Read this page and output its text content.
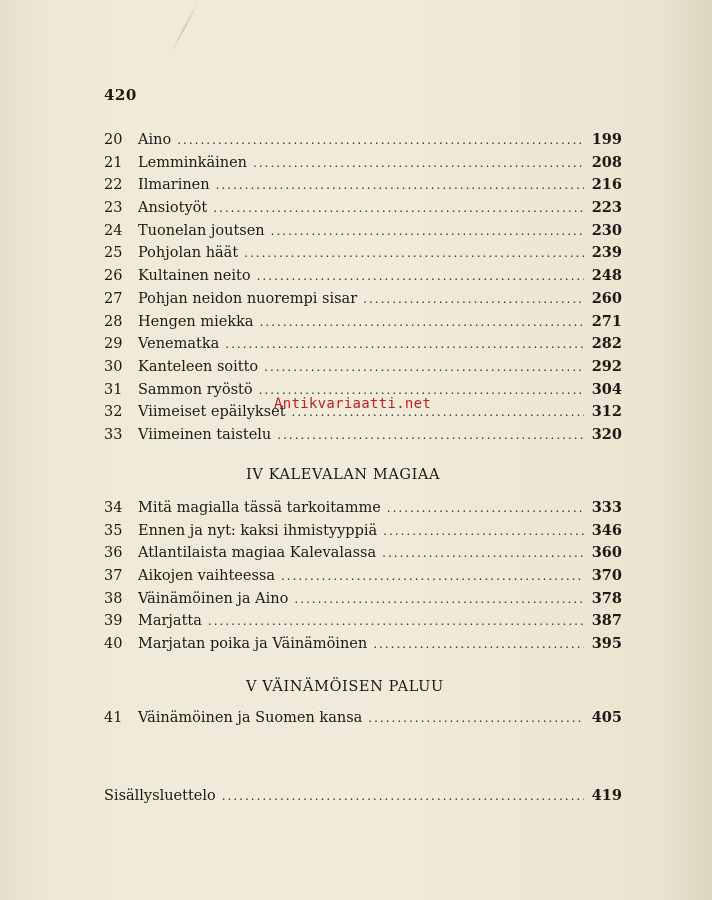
420
20	Aino .....	199
21	Lemminkäinen .....	208
22	Ilmarinen .....	216
23	Ansiotyöt .....	223
24	Tuonelan joutsen .....	230
25	Pohjolan häät .....	239
26	Kultainen neito .....	248
27	Pohjan neidon nuorempi sisar .....	260
28	Hengen miekka .....	271
29	Venematka .....	282
30	Kanteleen soitto .....	292
31	Sammon ryöstö .....	304
32	Viimeiset epäilykset .....	312
33	Viimeinen taistelu .....	320
IV KALEVALAN MAGIAA
34	Mitä magialla tässä tarkoitamme .....	333
35	Ennen ja nyt: kaksi ihmistyyppiä .....	346
36	Atlantilaista magiaa Kalevalassa .....	360
37	Aikojen vaihteessa .....	370
38	Väinämöinen ja Aino .....	378
39	Marjatta .....	387
40	Marjatan poika ja Väinämöinen .....	395
V VÄINÄMÖISEN PALUU
41	Väinämöinen ja Suomen kansa .....	405
Sisällysluettelo .....	419
Antikvariaatti.net
